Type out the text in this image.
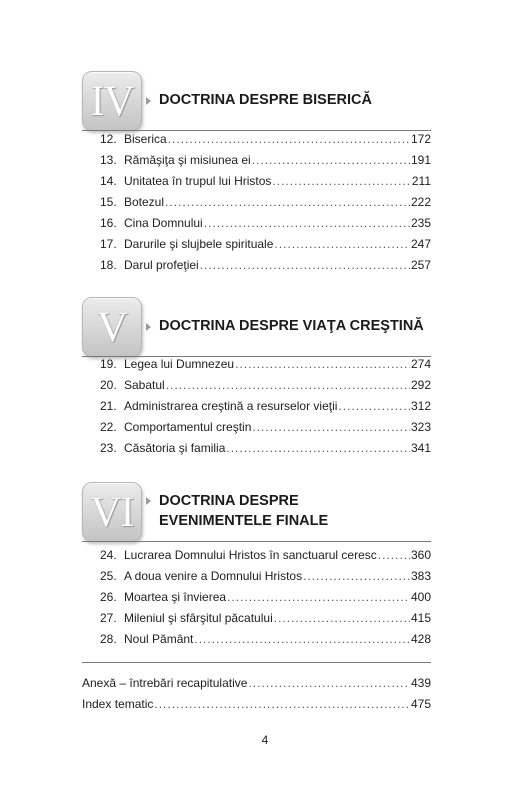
IV	DOCTRINA DESPRE BISERICĂ
12. Biserica .....	172
13. Rămăşiţa şi misiunea ei .....	191
14. Unitatea în trupul lui Hristos .....	211
15. Botezul .....	222
16. Cina Domnului .....	235
17. Darurile şi slujbele spirituale .....	247
18. Darul profeţiei .....	257
V	DOCTRINA DESPRE VIAŢA CREŞTINĂ
19. Legea lui Dumnezeu .....	274
20. Sabatul .....	292
21. Administrarea creştină a resurselor vieţii .....	312
22. Comportamentul creştin .....	323
23. Căsătoria şi familia .....	341
VI	DOCTRINA DESPRE
EVENIMENTELE FINALE
24. Lucrarea Domnului Hristos în sanctuarul ceresc .....	360
25. A doua venire a Domnului Hristos .....	383
26. Moartea şi învierea .....	400
27. Mileniul şi sfârşitul păcatului .....	415
28. Noul Pământ .....	428
Anexă – întrebări recapitulative .....	439
Index tematic .....	475
4
